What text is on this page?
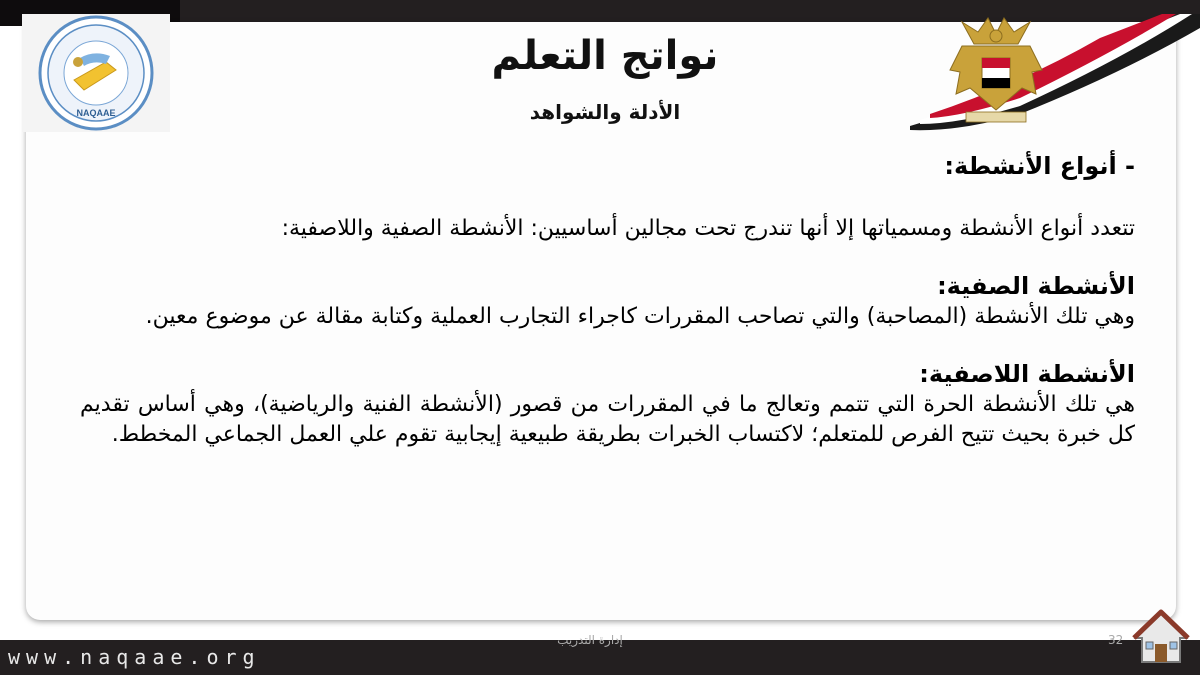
NAQAAE
نواتج التعلم

الأدلة والشواهد

- أنواع الأنشطة:

تتعدد أنواع الأنشطة ومسمياتها إلا أنها تندرج تحت مجالين أساسيين: الأنشطة الصفية واللاصفية:

الأنشطة الصفية:

وهي تلك الأنشطة (المصاحبة) والتي تصاحب المقررات كاجراء التجارب العملية وكتابة مقالة عن موضوع معين.

الأنشطة اللاصفية:

هي تلك الأنشطة الحرة التي تتمم وتعالج ما في المقررات من قصور (الأنشطة الفنية والرياضية)، وهي أساس تقديم كل خبرة بحيث تتيح الفرص للمتعلم؛ لاكتساب الخبرات بطريقة طبيعية إيجابية تقوم علي العمل الجماعي المخطط.

www.naqaae.org

إدارة التدريب	32
